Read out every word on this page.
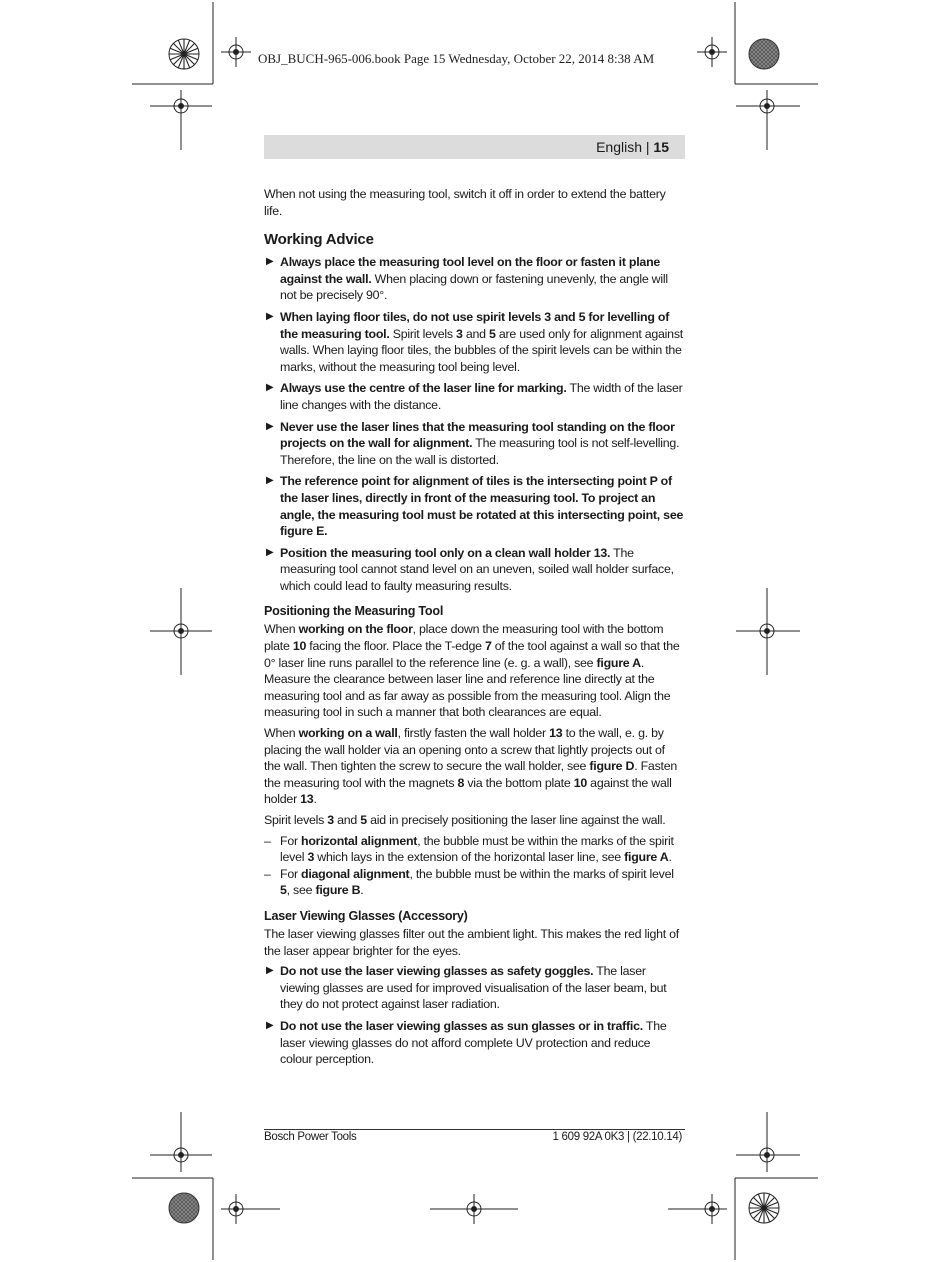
OBJ_BUCH-965-006.book Page 15 Wednesday, October 22, 2014 8:38 AM
English | 15

When not using the measuring tool, switch it off in order to extend the battery life.

Working Advice
▶ Always place the measuring tool level on the floor or fasten it plane against the wall. When placing down or fastening unevenly, the angle will not be precisely 90°.
▶ When laying floor tiles, do not use spirit levels 3 and 5 for levelling of the measuring tool. Spirit levels 3 and 5 are used only for alignment against walls. When laying floor tiles, the bubbles of the spirit levels can be within the marks, without the measuring tool being level.
▶ Always use the centre of the laser line for marking. The width of the laser line changes with the distance.
▶ Never use the laser lines that the measuring tool standing on the floor projects on the wall for alignment. The measuring tool is not self-levelling. Therefore, the line on the wall is distorted.
▶ The reference point for alignment of tiles is the intersecting point P of the laser lines, directly in front of the measuring tool. To project an angle, the measuring tool must be rotated at this intersecting point, see figure E.
▶ Position the measuring tool only on a clean wall holder 13. The measuring tool cannot stand level on an uneven, soiled wall holder surface, which could lead to faulty measuring results.
Positioning the Measuring Tool

When working on the floor, place down the measuring tool with the bottom plate 10 facing the floor. Place the T-edge 7 of the tool against a wall so that the 0° laser line runs parallel to the reference line (e. g. a wall), see figure A. Measure the clearance between laser line and reference line directly at the measuring tool and as far away as possible from the measuring tool. Align the measuring tool in such a manner that both clearances are equal.

When working on a wall, firstly fasten the wall holder 13 to the wall, e. g. by placing the wall holder via an opening onto a screw that lightly projects out of the wall. Then tighten the screw to secure the wall holder, see figure D. Fasten the measuring tool with the magnets 8 via the bottom plate 10 against the wall holder 13.

Spirit levels 3 and 5 aid in precisely positioning the laser line against the wall.

– For horizontal alignment, the bubble must be within the marks of the spirit level 3 which lays in the extension of the horizontal laser line, see figure A.
– For diagonal alignment, the bubble must be within the marks of spirit level 5, see figure B.
Laser Viewing Glasses (Accessory)

The laser viewing glasses filter out the ambient light. This makes the red light of the laser appear brighter for the eyes.

▶ Do not use the laser viewing glasses as safety goggles. The laser viewing glasses are used for improved visualisation of the laser beam, but they do not protect against laser radiation.
▶ Do not use the laser viewing glasses as sun glasses or in traffic. The laser viewing glasses do not afford complete UV protection and reduce colour perception.
Bosch Power Tools	1 609 92A 0K3 | (22.10.14)
